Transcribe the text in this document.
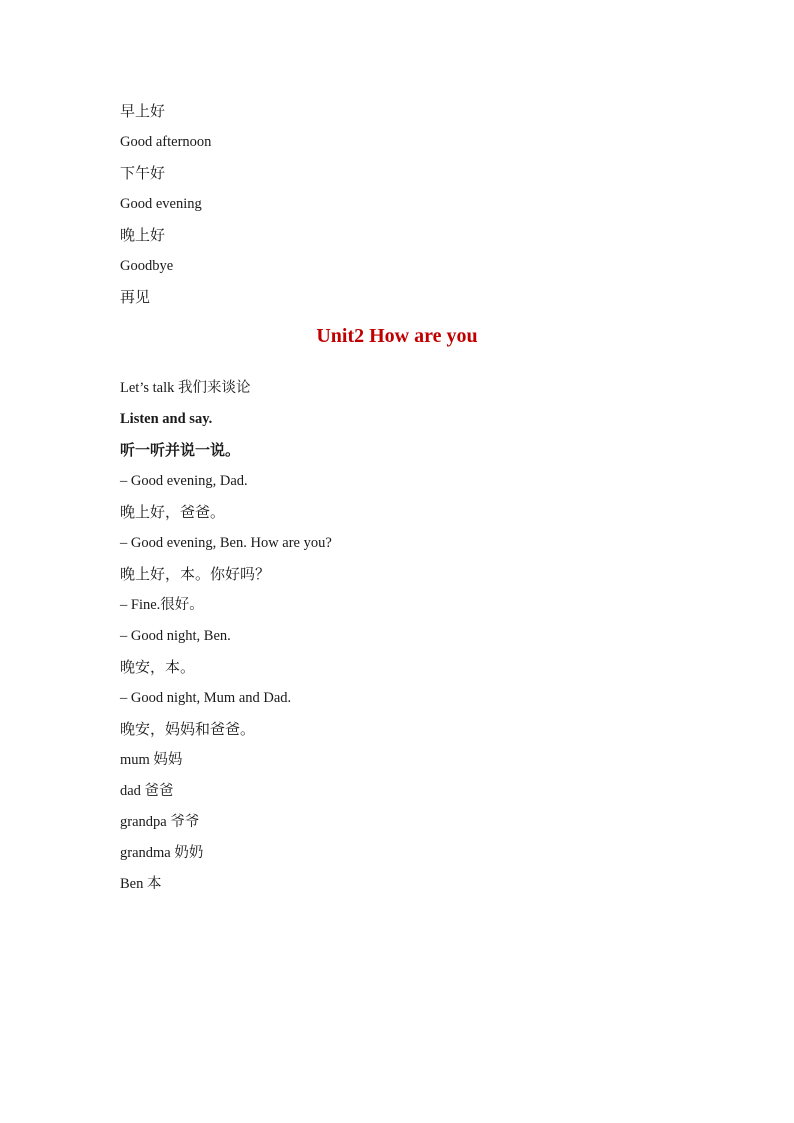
早上好
Good afternoon
下午好
Good evening
晚上好
Goodbye
再见
Unit2 How are you
Let’s talk 我们来谈论
Listen and say.
听一听并说一说。
– Good evening, Dad.
晚上好，爸爸。
– Good evening, Ben. How are you?
晚上好，本。你好吗？
– Fine.很好。
– Good night, Ben.
晚安，本。
– Good night, Mum and Dad.
晚安，妈妈和爸爸。
mum 妈妈
dad 爸爸
grandpa 爷爷
grandma 奶奶
Ben 本
